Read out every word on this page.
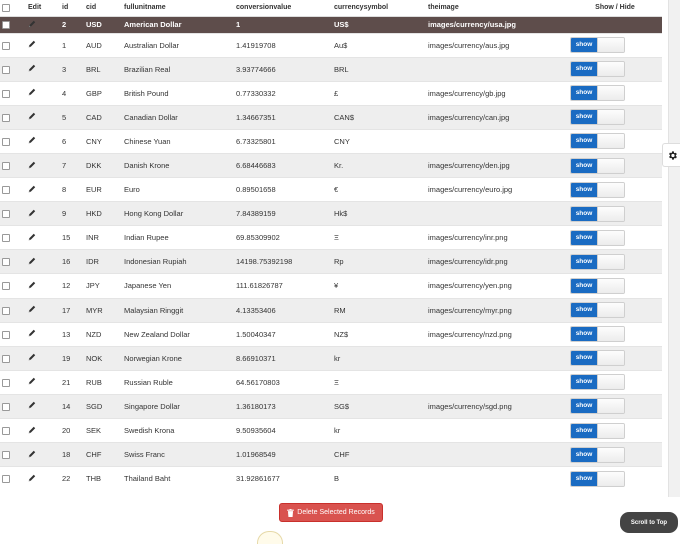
	Edit	id	cid	fullunitname	conversionvalue	currencysymbol	theimage	Show / Hide

	2	USD	American Dollar	1	US$	images/currency/usa.jpg	

	1	AUD	Australian Dollar	1.41919708	Au$	images/currency/aus.jpg	show

	3	BRL	Brazilian Real	3.93774666	BRL		show

	4	GBP	British Pound	0.77330332	£	images/currency/gb.jpg	show

	5	CAD	Canadian Dollar	1.34667351	CAN$	images/currency/can.jpg	show

	6	CNY	Chinese Yuan	6.73325801	CNY		show

	7	DKK	Danish Krone	6.68446683	Kr.	images/currency/den.jpg	show

	8	EUR	Euro	0.89501658	€	images/currency/euro.jpg	show

	9	HKD	Hong Kong Dollar	7.84389159	Hk$		show

	15	INR	Indian Rupee	69.85309902	Ξ	images/currency/inr.png	show

	16	IDR	Indonesian Rupiah	14198.75392198	Rp	images/currency/idr.png	show

	12	JPY	Japanese Yen	111.61826787	¥	images/currency/yen.png	show

	17	MYR	Malaysian Ringgit	4.13353406	RM	images/currency/myr.png	show

	13	NZD	New Zealand Dollar	1.50040347	NZ$	images/currency/nzd.png	show

	19	NOK	Norwegian Krone	8.66910371	kr		show

	21	RUB	Russian Ruble	64.56170803	Ξ		show

	14	SGD	Singapore Dollar	1.36180173	SG$	images/currency/sgd.png	show

	20	SEK	Swedish Krona	9.50935604	kr		show

	18	CHF	Swiss Franc	1.01968549	CHF		show

	22	THB	Thailand Baht	31.92861677	B		show
Delete Selected Records
Scroll to Top
